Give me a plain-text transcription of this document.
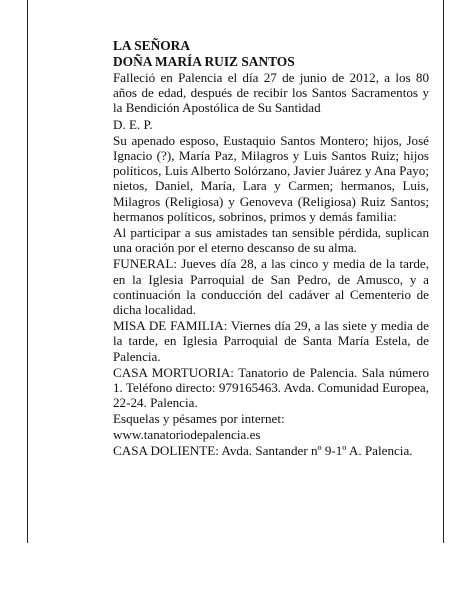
LA SEÑORA

DOÑA MARÍA RUIZ SANTOS

Falleció en Palencia el día 27 de junio de 2012, a los 80 años de edad, después de recibir los Santos Sacramentos y la Bendición Apostólica de Su Santidad

D. E. P.

Su apenado esposo, Eustaquio Santos Montero; hijos, José Ignacio (?), María Paz, Milagros y Luis Santos Ruiz; hijos políticos, Luis Alberto Solórzano, Javier Juárez y Ana Payo; nietos, Daniel, María, Lara y Carmen; hermanos, Luis, Milagros (Religiosa) y Genoveva (Religiosa) Ruiz Santos; hermanos políticos, sobrinos, primos y demás familia:

Al participar a sus amistades tan sensible pérdida, suplican una oración por el eterno descanso de su alma.

FUNERAL: Jueves día 28, a las cinco y media de la tarde, en la Iglesia Parroquial de San Pedro, de Amusco, y a continuación la conducción del cadáver al Cementerio de dicha localidad.

MISA DE FAMILIA: Viernes día 29, a las siete y media de la tarde, en Iglesia Parroquial de Santa María Estela, de Palencia.

CASA MORTUORIA: Tanatorio de Palencia. Sala número 1. Teléfono directo: 979165463. Avda. Comunidad Europea, 22-24. Palencia.

Esquelas y pésames por internet:

www.tanatoriodepalencia.es

CASA DOLIENTE: Avda. Santander nº 9-1º A. Palencia.
